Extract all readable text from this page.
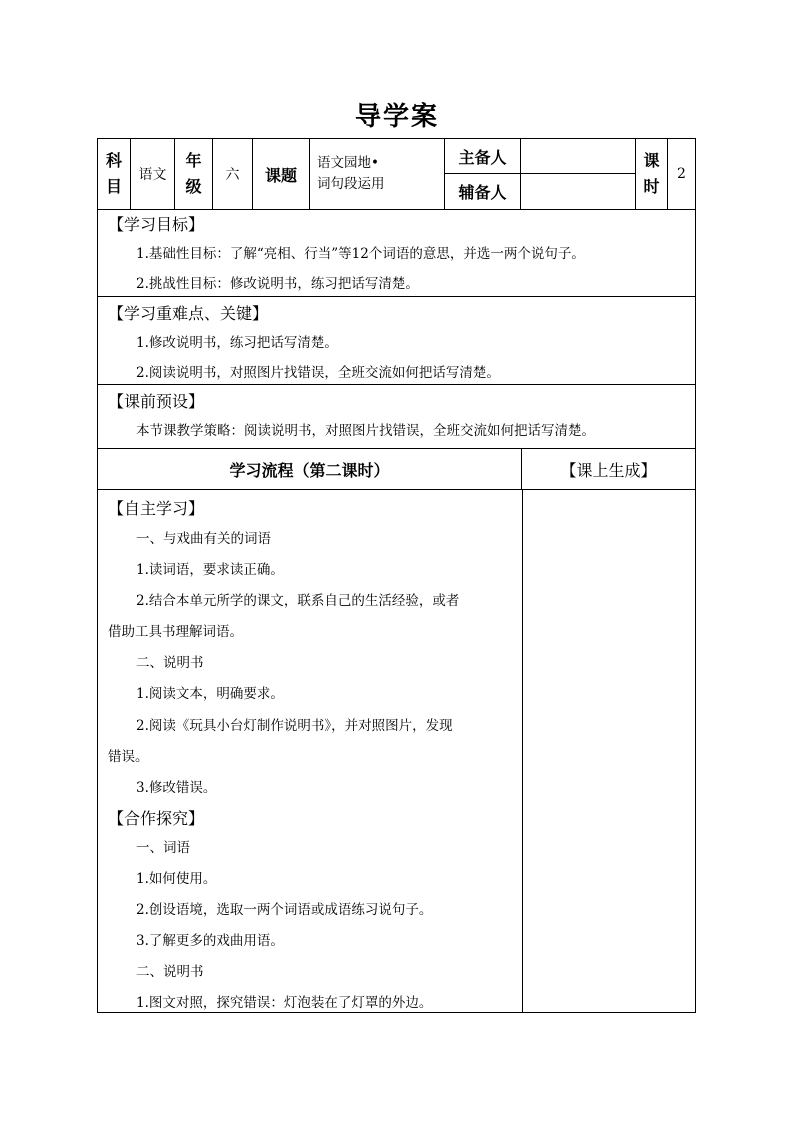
导学案
科
目
语文
年
级
六	课题
语文园地•
词句段运用
主备人
辅备人
课
时
2
【学习目标】
1.基础性目标：了解“亮相、行当”等12个词语的意思，并选一两个说句子。
2.挑战性目标：修改说明书，练习把话写清楚。
【学习重难点、关键】
1.修改说明书，练习把话写清楚。
2.阅读说明书，对照图片找错误，全班交流如何把话写清楚。
【课前预设】
本节课教学策略：阅读说明书，对照图片找错误，全班交流如何把话写清楚。
学习流程（第二课时）	【课上生成】
【自主学习】
一、与戏曲有关的词语
1.读词语，要求读正确。
2.结合本单元所学的课文，联系自己的生活经验，或者
借助工具书理解词语。
二、说明书
1.阅读文本，明确要求。
2.阅读《玩具小台灯制作说明书》，并对照图片，发现
错误。
3.修改错误。
【合作探究】
一、词语
1.如何使用。
2.创设语境，选取一两个词语或成语练习说句子。
3.了解更多的戏曲用语。
二、说明书
1.图文对照，探究错误：灯泡装在了灯罩的外边。
